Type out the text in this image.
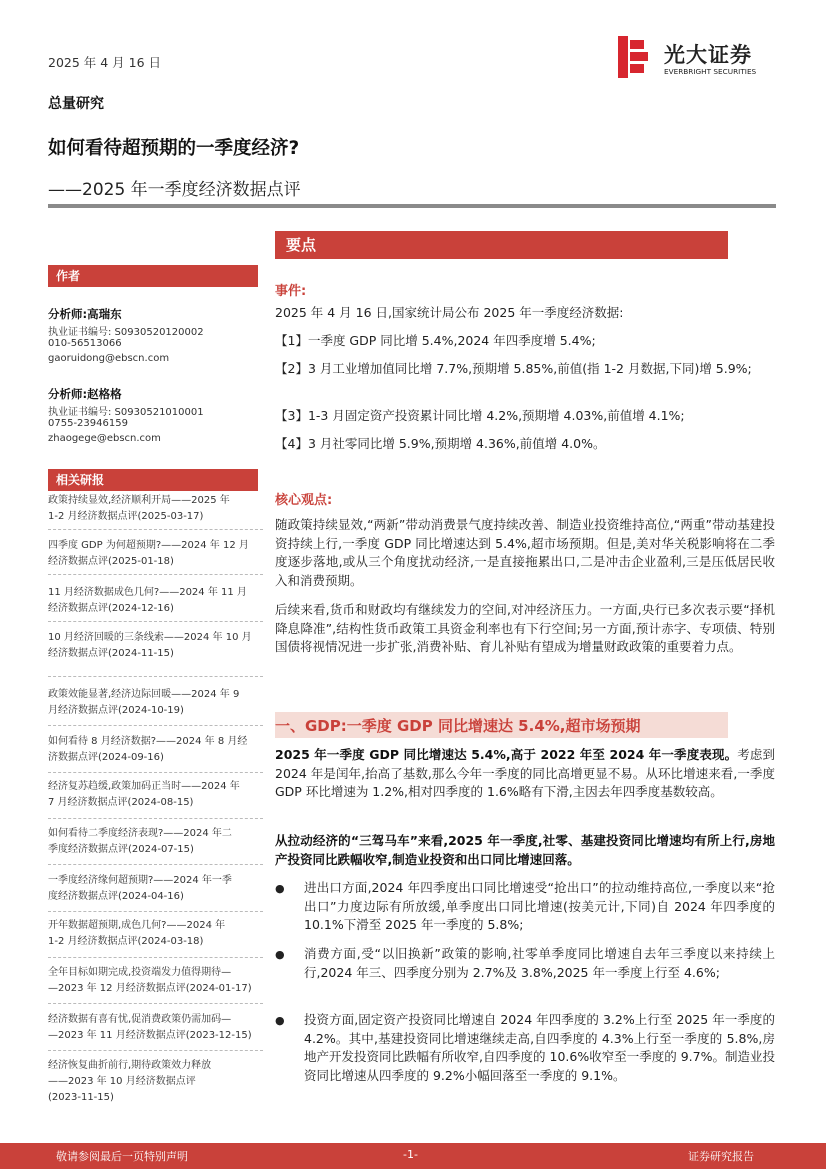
2025 年 4 月 16 日	光大证券
EVERBRIGHT SECURITIES
总量研究
如何看待超预期的一季度经济?
——2025 年一季度经济数据点评
作者
分析师:高瑞东
执业证书编号: S0930520120002
010-56513066
gaoruidong@ebscn.com
分析师:赵格格
执业证书编号: S0930521010001
0755-23946159
zhaogege@ebscn.com
相关研报
政策持续显效,经济顺利开局——2025 年
1-2 月经济数据点评(2025-03-17)
四季度 GDP 为何超预期?——2024 年 12 月
经济数据点评(2025-01-18)
11 月经济数据成色几何?——2024 年 11 月
经济数据点评(2024-12-16)
10 月经济回暖的三条线索——2024 年 10 月
经济数据点评(2024-11-15)
政策效能显著,经济边际回暖——2024 年 9
月经济数据点评(2024-10-19)
如何看待 8 月经济数据?——2024 年 8 月经
济数据点评(2024-09-16)
经济复苏趋缓,政策加码正当时——2024 年
7 月经济数据点评(2024-08-15)
如何看待二季度经济表现?——2024 年二
季度经济数据点评(2024-07-15)
一季度经济缘何超预期?——2024 年一季
度经济数据点评(2024-04-16)
开年数据超预期,成色几何?——2024 年
1-2 月经济数据点评(2024-03-18)
全年目标如期完成,投资端发力值得期待—
—2023 年 12 月经济数据点评(2024-01-17)
经济数据有喜有忧,促消费政策仍需加码—
—2023 年 11 月经济数据点评(2023-12-15)
经济恢复曲折前行,期待政策效力释放
——2023 年 10 月经济数据点评
(2023-11-15)
要点
事件:
2025 年 4 月 16 日,国家统计局公布 2025 年一季度经济数据:
【1】一季度 GDP 同比增 5.4%,2024 年四季度增 5.4%;
【2】3 月工业增加值同比增 7.7%,预期增 5.85%,前值(指 1-2 月数据,下同)增 5.9%;
【3】1-3 月固定资产投资累计同比增 4.2%,预期增 4.03%,前值增 4.1%;
【4】3 月社零同比增 5.9%,预期增 4.36%,前值增 4.0%。
核心观点:
随政策持续显效,“两新”带动消费景气度持续改善、制造业投资维持高位,“两重”带动基建投资持续上行,一季度 GDP 同比增速达到 5.4%,超市场预期。但是,美对华关税影响将在二季度逐步落地,或从三个角度扰动经济,一是直接拖累出口,二是冲击企业盈利,三是压低居民收入和消费预期。
后续来看,货币和财政均有继续发力的空间,对冲经济压力。一方面,央行已多次表示要“择机降息降准”,结构性货币政策工具资金利率也有下行空间;另一方面,预计赤字、专项债、特别国债将视情况进一步扩张,消费补贴、育儿补贴有望成为增量财政政策的重要着力点。
一、GDP:一季度 GDP 同比增速达 5.4%,超市场预期
2025 年一季度 GDP 同比增速达 5.4%,高于 2022 年至 2024 年一季度表现。考虑到 2024 年是闰年,抬高了基数,那么今年一季度的同比高增更显不易。从环比增速来看,一季度 GDP 环比增速为 1.2%,相对四季度的 1.6%略有下滑,主因去年四季度基数较高。
从拉动经济的“三驾马车”来看,2025 年一季度,社零、基建投资同比增速均有所上行,房地产投资同比跌幅收窄,制造业投资和出口同比增速回落。
●	进出口方面,2024 年四季度出口同比增速受“抢出口”的拉动维持高位,一季度以来“抢出口”力度边际有所放缓,单季度出口同比增速(按美元计,下同)自 2024 年四季度的 10.1%下滑至 2025 年一季度的 5.8%;
●	消费方面,受“以旧换新”政策的影响,社零单季度同比增速自去年三季度以来持续上行,2024 年三、四季度分别为 2.7%及 3.8%,2025 年一季度上行至 4.6%;
●	投资方面,固定资产投资同比增速自 2024 年四季度的 3.2%上行至 2025 年一季度的 4.2%。其中,基建投资同比增速继续走高,自四季度的 4.3%上行至一季度的 5.8%,房地产开发投资同比跌幅有所收窄,自四季度的 10.6%收窄至一季度的 9.7%。制造业投资同比增速从四季度的 9.2%小幅回落至一季度的 9.1%。
敬请参阅最后一页特别声明	-1-	证券研究报告
